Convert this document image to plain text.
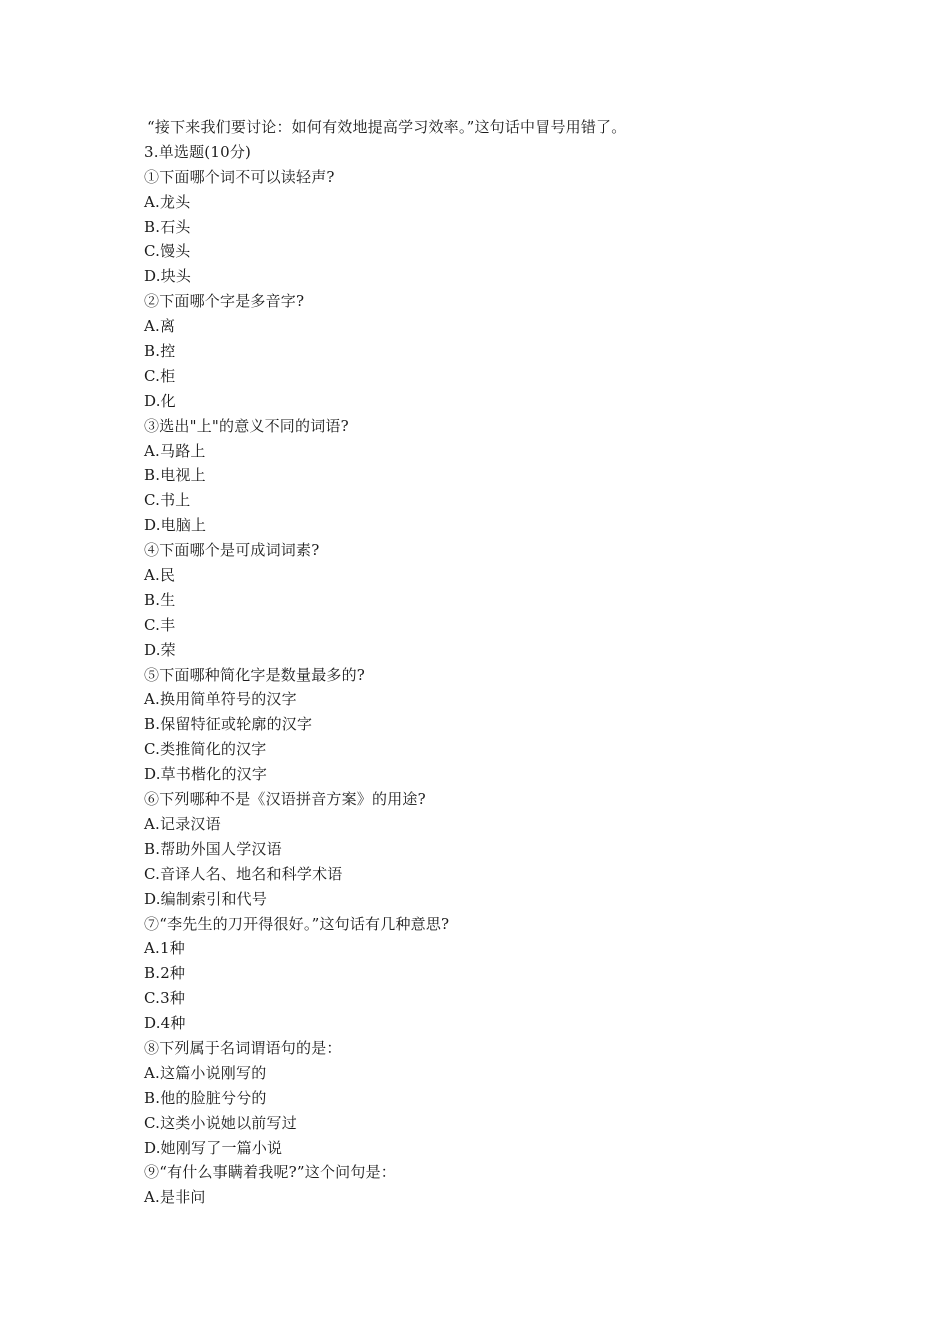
“接下来我们要讨论：如何有效地提高学习效率。”这句话中冒号用错了。
3.单选题(10分)
①下面哪个词不可以读轻声?
A.龙头
B.石头
C.馒头
D.块头
②下面哪个字是多音字?
A.离
B.控
C.柜
D.化
③选出"上"的意义不同的词语?
A.马路上
B.电视上
C.书上
D.电脑上
④下面哪个是可成词词素?
A.民
B.生
C.丰
D.荣
⑤下面哪种简化字是数量最多的?
A.换用简单符号的汉字
B.保留特征或轮廓的汉字
C.类推简化的汉字
D.草书楷化的汉字
⑥下列哪种不是《汉语拼音方案》的用途?
A.记录汉语
B.帮助外国人学汉语
C.音译人名、地名和科学术语
D.编制索引和代号
⑦“李先生的刀开得很好。”这句话有几种意思?
A.1种
B.2种
C.3种
D.4种
⑧下列属于名词谓语句的是：
A.这篇小说刚写的
B.他的脸脏兮兮的
C.这类小说她以前写过
D.她刚写了一篇小说
⑨“有什么事瞒着我呢?”这个问句是：
A.是非问
